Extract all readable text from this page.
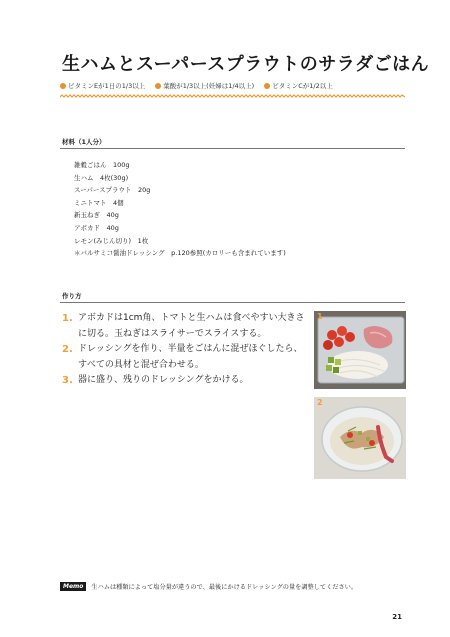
生ハムとスーパースプラウトのサラダごはん
ビタミンEが1日の1/3以上	葉酸が1/3以上(妊婦は1/4以上)	ビタミンCが1/2以上
材料（1人分）
雑穀ごはん　100g
生ハム　4枚(30g)
スーパースプラウト　20g
ミニトマト　4個
新玉ねぎ　40g
アボカド　40g
レモン(みじん切り)　1枚
＊バルサミコ醤油ドレッシング　p.120参照(カロリーも含まれています)
作り方
1. アボカドは1cm角、トマトと生ハムは食べやすい大きさに切る。玉ねぎはスライサーでスライスする。
2. ドレッシングを作り、半量をごはんに混ぜほぐしたら、すべての具材と混ぜ合わせる。
3. 器に盛り、残りのドレッシングをかける。
1
2
Memo	生ハムは種類によって塩分量が違うので、最後にかけるドレッシングの量を調整してください。
21
